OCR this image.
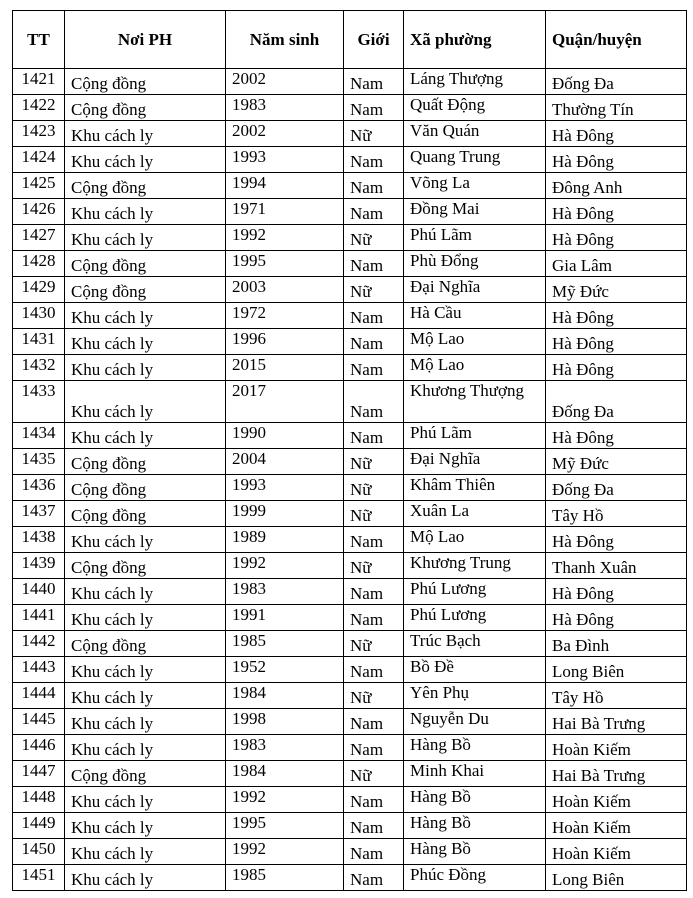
TT	Nơi PH	Năm sinh	Giới	Xã phường	Quận/huyện
1421	Cộng đồng	2002	Nam	Láng Thượng	Đống Đa
1422	Cộng đồng	1983	Nam	Quất Động	Thường Tín
1423	Khu cách ly	2002	Nữ	Văn Quán	Hà Đông
1424	Khu cách ly	1993	Nam	Quang Trung	Hà Đông
1425	Cộng đồng	1994	Nam	Võng La	Đông Anh
1426	Khu cách ly	1971	Nam	Đồng Mai	Hà Đông
1427	Khu cách ly	1992	Nữ	Phú Lãm	Hà Đông
1428	Cộng đồng	1995	Nam	Phù Đổng	Gia Lâm
1429	Cộng đồng	2003	Nữ	Đại Nghĩa	Mỹ Đức
1430	Khu cách ly	1972	Nam	Hà Cầu	Hà Đông
1431	Khu cách ly	1996	Nam	Mộ Lao	Hà Đông
1432	Khu cách ly	2015	Nam	Mộ Lao	Hà Đông
1433	Khu cách ly	2017	Nam	Khương Thượng	Đống Đa
1434	Khu cách ly	1990	Nam	Phú Lãm	Hà Đông
1435	Cộng đồng	2004	Nữ	Đại Nghĩa	Mỹ Đức
1436	Cộng đồng	1993	Nữ	Khâm Thiên	Đống Đa
1437	Cộng đồng	1999	Nữ	Xuân La	Tây Hồ
1438	Khu cách ly	1989	Nam	Mộ Lao	Hà Đông
1439	Cộng đồng	1992	Nữ	Khương Trung	Thanh Xuân
1440	Khu cách ly	1983	Nam	Phú Lương	Hà Đông
1441	Khu cách ly	1991	Nam	Phú Lương	Hà Đông
1442	Cộng đồng	1985	Nữ	Trúc Bạch	Ba Đình
1443	Khu cách ly	1952	Nam	Bồ Đề	Long Biên
1444	Khu cách ly	1984	Nữ	Yên Phụ	Tây Hồ
1445	Khu cách ly	1998	Nam	Nguyễn Du	Hai Bà Trưng
1446	Khu cách ly	1983	Nam	Hàng Bồ	Hoàn Kiếm
1447	Cộng đồng	1984	Nữ	Minh Khai	Hai Bà Trưng
1448	Khu cách ly	1992	Nam	Hàng Bồ	Hoàn Kiếm
1449	Khu cách ly	1995	Nam	Hàng Bồ	Hoàn Kiếm
1450	Khu cách ly	1992	Nam	Hàng Bồ	Hoàn Kiếm
1451	Khu cách ly	1985	Nam	Phúc Đồng	Long Biên
